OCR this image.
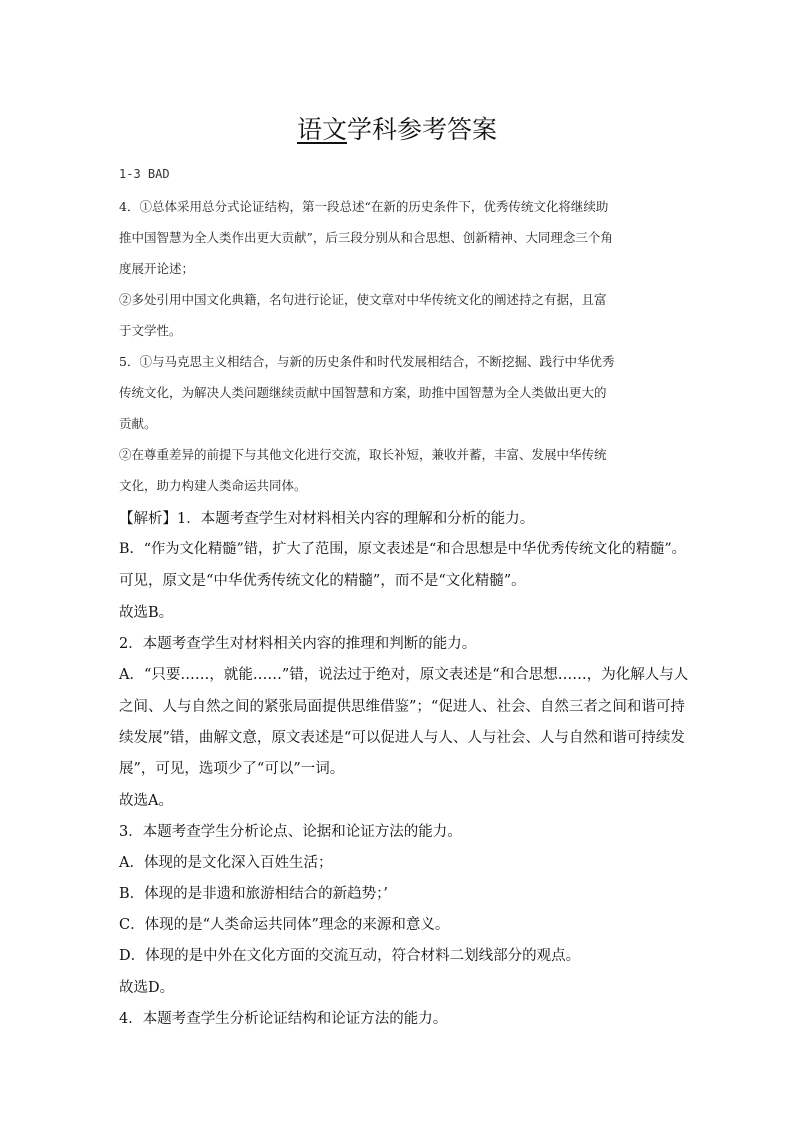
语文学科参考答案
1-3 BAD
4．①总体采用总分式论证结构，第一段总述“在新的历史条件下，优秀传统文化将继续助
推中国智慧为全人类作出更大贡献”，后三段分别从和合思想、创新精神、大同理念三个角
度展开论述；
②多处引用中国文化典籍，名句进行论证，使文章对中华传统文化的阐述持之有据，且富
于文学性。
5．①与马克思主义相结合，与新的历史条件和时代发展相结合，不断挖掘、践行中华优秀
传统文化，为解决人类问题继续贡献中国智慧和方案，助推中国智慧为全人类做出更大的
贡献。
②在尊重差异的前提下与其他文化进行交流，取长补短，兼收并蓄，丰富、发展中华传统
文化，助力构建人类命运共同体。
【解析】1．本题考查学生对材料相关内容的理解和分析的能力。
B．“作为文化精髓”错，扩大了范围，原文表述是“和合思想是中华优秀传统文化的精髓”。
可见，原文是“中华优秀传统文化的精髓”，而不是“文化精髓”。
故选B。
2．本题考查学生对材料相关内容的推理和判断的能力。
A．“只要……，就能……”错，说法过于绝对，原文表述是“和合思想……，为化解人与人
之间、人与自然之间的紧张局面提供思维借鉴”；“促进人、社会、自然三者之间和谐可持
续发展”错，曲解文意，原文表述是“可以促进人与人、人与社会、人与自然和谐可持续发
展”，可见，选项少了“可以”一词。
故选A。
3．本题考查学生分析论点、论据和论证方法的能力。
A．体现的是文化深入百姓生活；
B．体现的是非遗和旅游相结合的新趋势；’
C．体现的是“人类命运共同体”理念的来源和意义。
D．体现的是中外在文化方面的交流互动，符合材料二划线部分的观点。
故选D。
4．本题考查学生分析论证结构和论证方法的能力。
